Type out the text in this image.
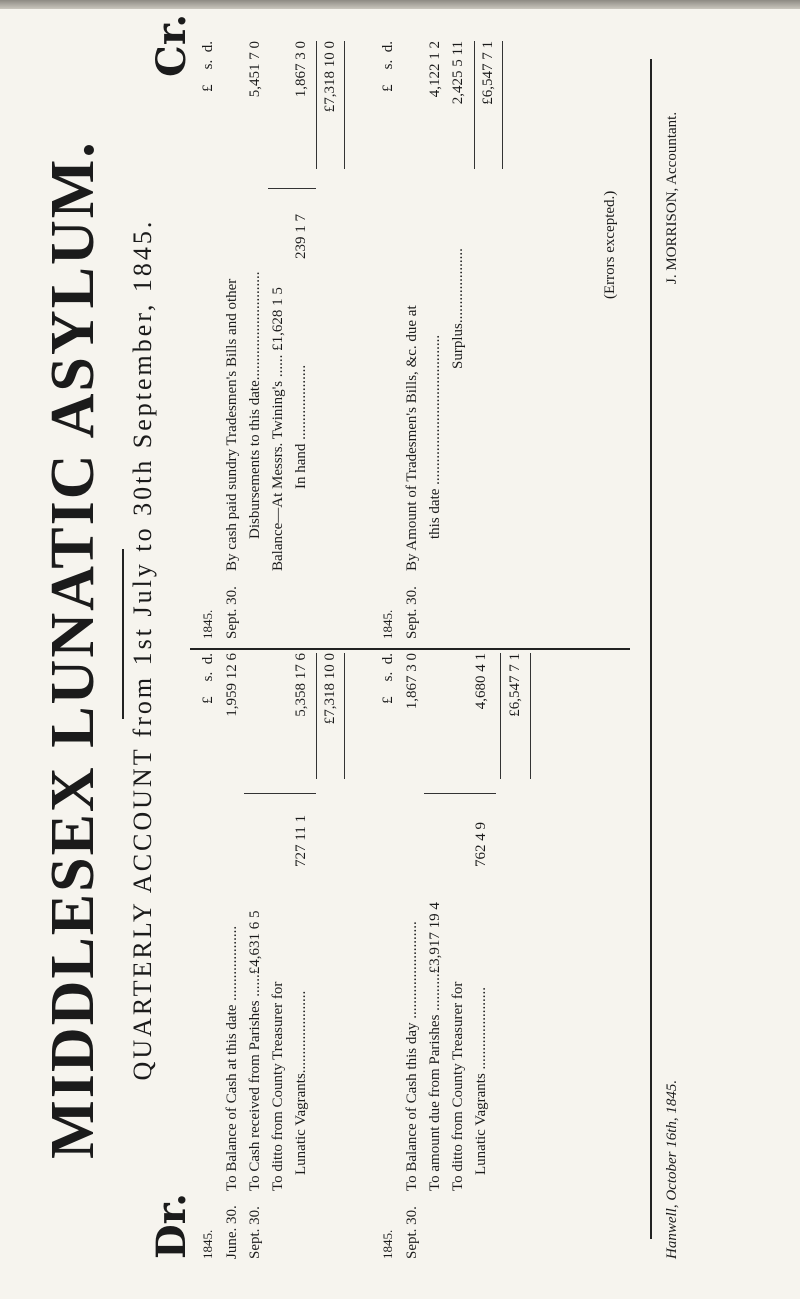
MIDDLESEX LUNATIC ASYLUM. QUARTERLY ACCOUNT from 1st July to 30th September, 1845.
Dr.
Cr.
1845.
£    s.  d.
June. 30.To Balance of Cash at this date ....................
1,959 12 6
Sept. 30.To Cash received from Parishes ......£4,631 6 5 To ditto from County Treasurer for Lunatic Vagrants......................
727 11 1
5,358 17 6 £7,318 10 0
1845.
£    s.  d.
Sept. 30.To Balance of Cash this day ..........................
1,867 3 0
To amount due from Parishes ..........£3,917 19 4 To ditto from County Treasurer for Lunatic Vagrants ......................
762 4 9
4,680 4 1 £6,547 7 1
1845.
£    s.  d.
Sept. 30.By cash paid sundry Tradesmen's Bills and other Disbursements to this date.............................
5,451 7 0
Balance—At Messrs. Twining's ...... £1,628 1 5 In hand ....................
239 1 7
1,867 3 0 £7,318 10 0
1845.
£    s.  d.
Sept. 30.By Amount of Tradesmen's Bills, &c. due at this date ........................................
4,122 1 2
Surplus....................
2,425 5 11 £6,547 7 1
(Errors excepted.)
Hanwell, October 16th, 1845.
J. MORRISON, Accountant.
